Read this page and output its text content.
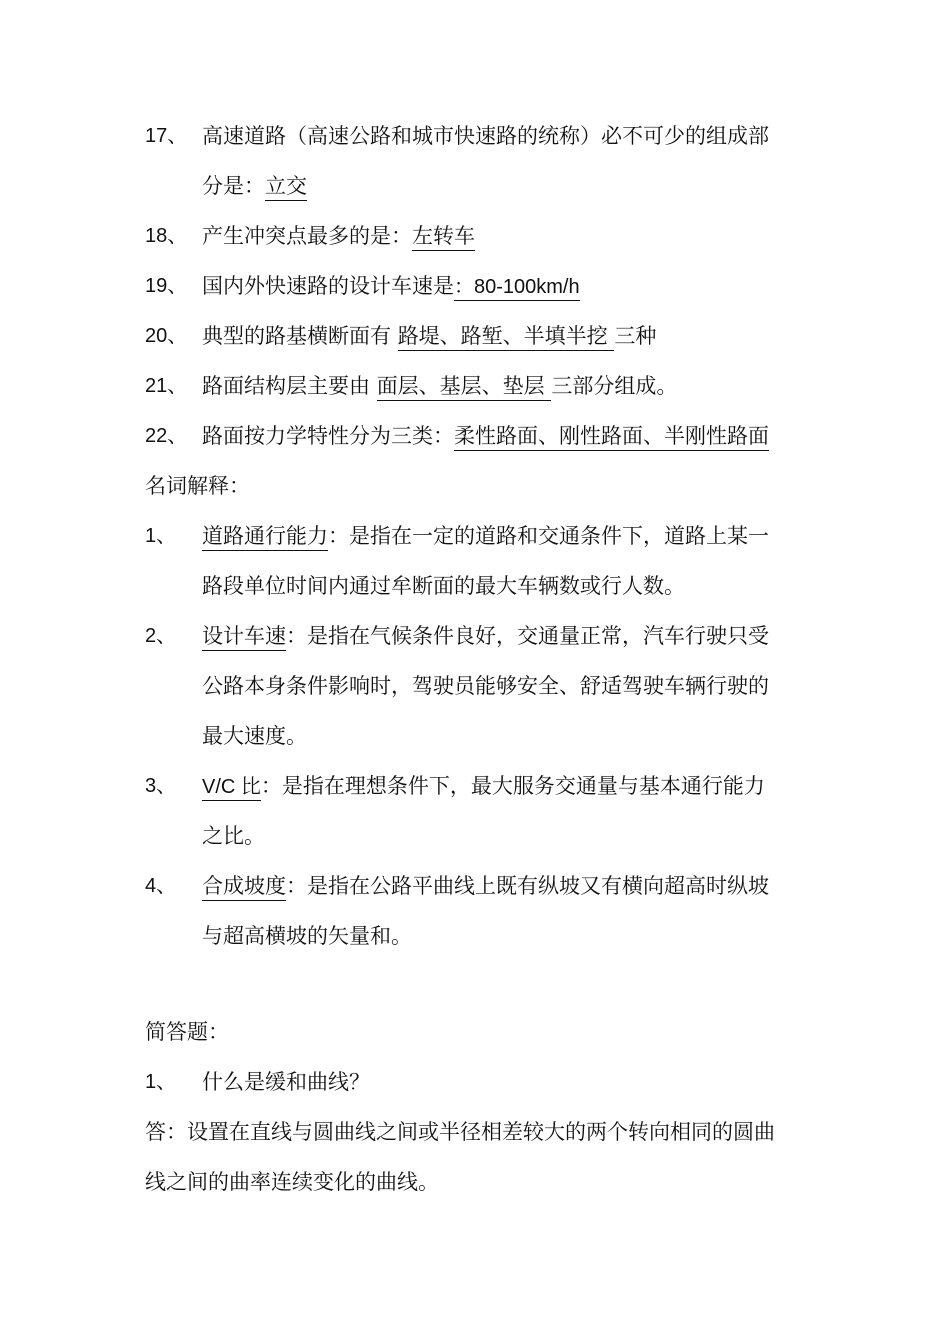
17、 高速道路（高速公路和城市快速路的统称）必不可少的组成部
分是：立交
18、 产生冲突点最多的是：左转车
19、 国内外快速路的设计车速是：80-100km/h
20、 典型的路基横断面有 路堤、路堑、半填半挖 三种
21、 路面结构层主要由 面层、基层、垫层 三部分组成。
22、 路面按力学特性分为三类：柔性路面、刚性路面、半刚性路面
名词解释：
1、 道路通行能力：是指在一定的道路和交通条件下，道路上某一
路段单位时间内通过牟断面的最大车辆数或行人数。
2、 设计车速：是指在气候条件良好，交通量正常，汽车行驶只受
公路本身条件影响时，驾驶员能够安全、舒适驾驶车辆行驶的
最大速度。
3、 V/C 比：是指在理想条件下，最大服务交通量与基本通行能力
之比。
4、 合成坡度：是指在公路平曲线上既有纵坡又有横向超高时纵坡
与超高横坡的矢量和。
简答题：
1、 什么是缓和曲线？
答：设置在直线与圆曲线之间或半径相差较大的两个转向相同的圆曲
线之间的曲率连续变化的曲线。
